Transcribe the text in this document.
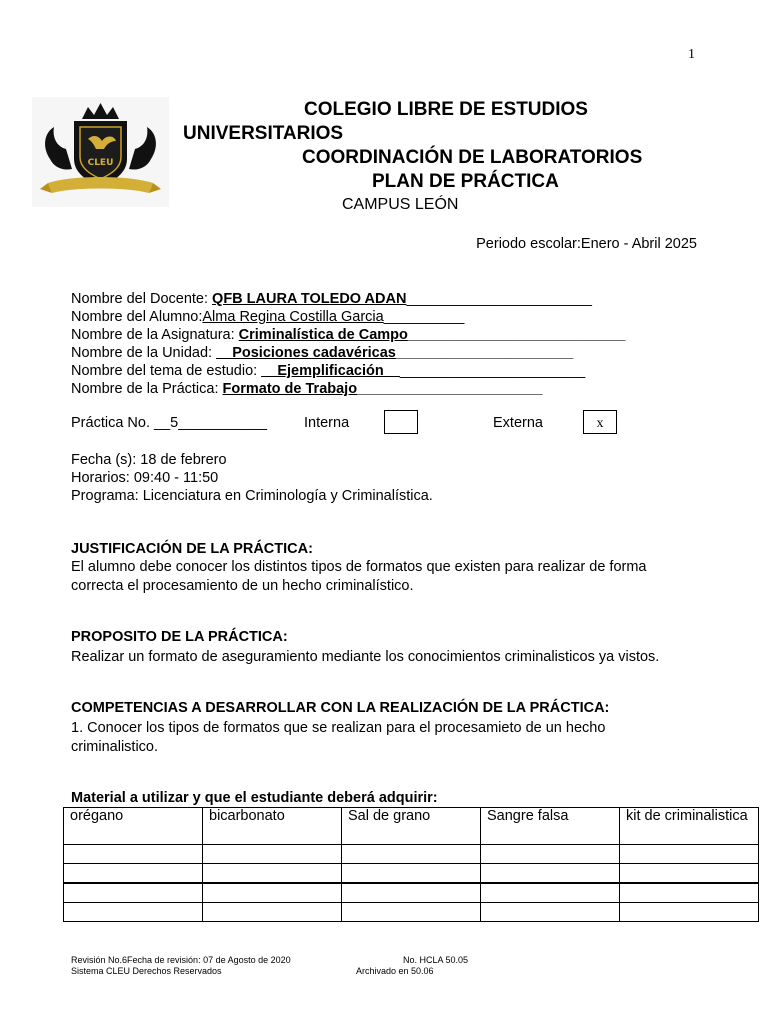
1
CLEU
COLEGIO LIBRE DE ESTUDIOS
UNIVERSITARIOS
COORDINACIÓN DE LABORATORIOS
PLAN DE PRÁCTICA
CAMPUS LEÓN
Periodo escolar:Enero - Abril 2025
Nombre del Docente: QFB LAURA TOLEDO ADAN_______________________
Nombre del Alumno:Alma Regina Costilla Garcia__________
Nombre de la Asignatura: Criminalística de Campo___________________________
Nombre de la Unidad: __Posiciones cadavéricas______________________
Nombre del tema de estudio: __Ejemplificación_________________________
Nombre de la Práctica: Formato de Trabajo_______________________
Práctica No. __5___________	Interna	Externa	x
Fecha (s): 18 de febrero
Horarios: 09:40 - 11:50
Programa: Licenciatura en Criminología y Criminalística.
JUSTIFICACIÓN DE LA PRÁCTICA:
El alumno debe conocer los distintos tipos de formatos que existen para realizar de forma correcta el procesamiento de un hecho criminalístico.
PROPOSITO DE LA PRÁCTICA:
Realizar un formato de aseguramiento mediante los conocimientos criminalisticos ya vistos.
COMPETENCIAS A DESARROLLAR CON LA REALIZACIÓN DE LA PRÁCTICA:
1. Conocer los tipos de formatos que se realizan para el procesamieto de un hecho criminalistico.
Material a utilizar y que el estudiante deberá adquirir:
orégano	bicarbonato	Sal de grano	Sangre falsa	kit de criminalistica

Revisión No.6Fecha de revisión: 07 de Agosto de 2020	No. HCLA 50.05
Sistema CLEU Derechos Reservados	Archivado en 50.06
